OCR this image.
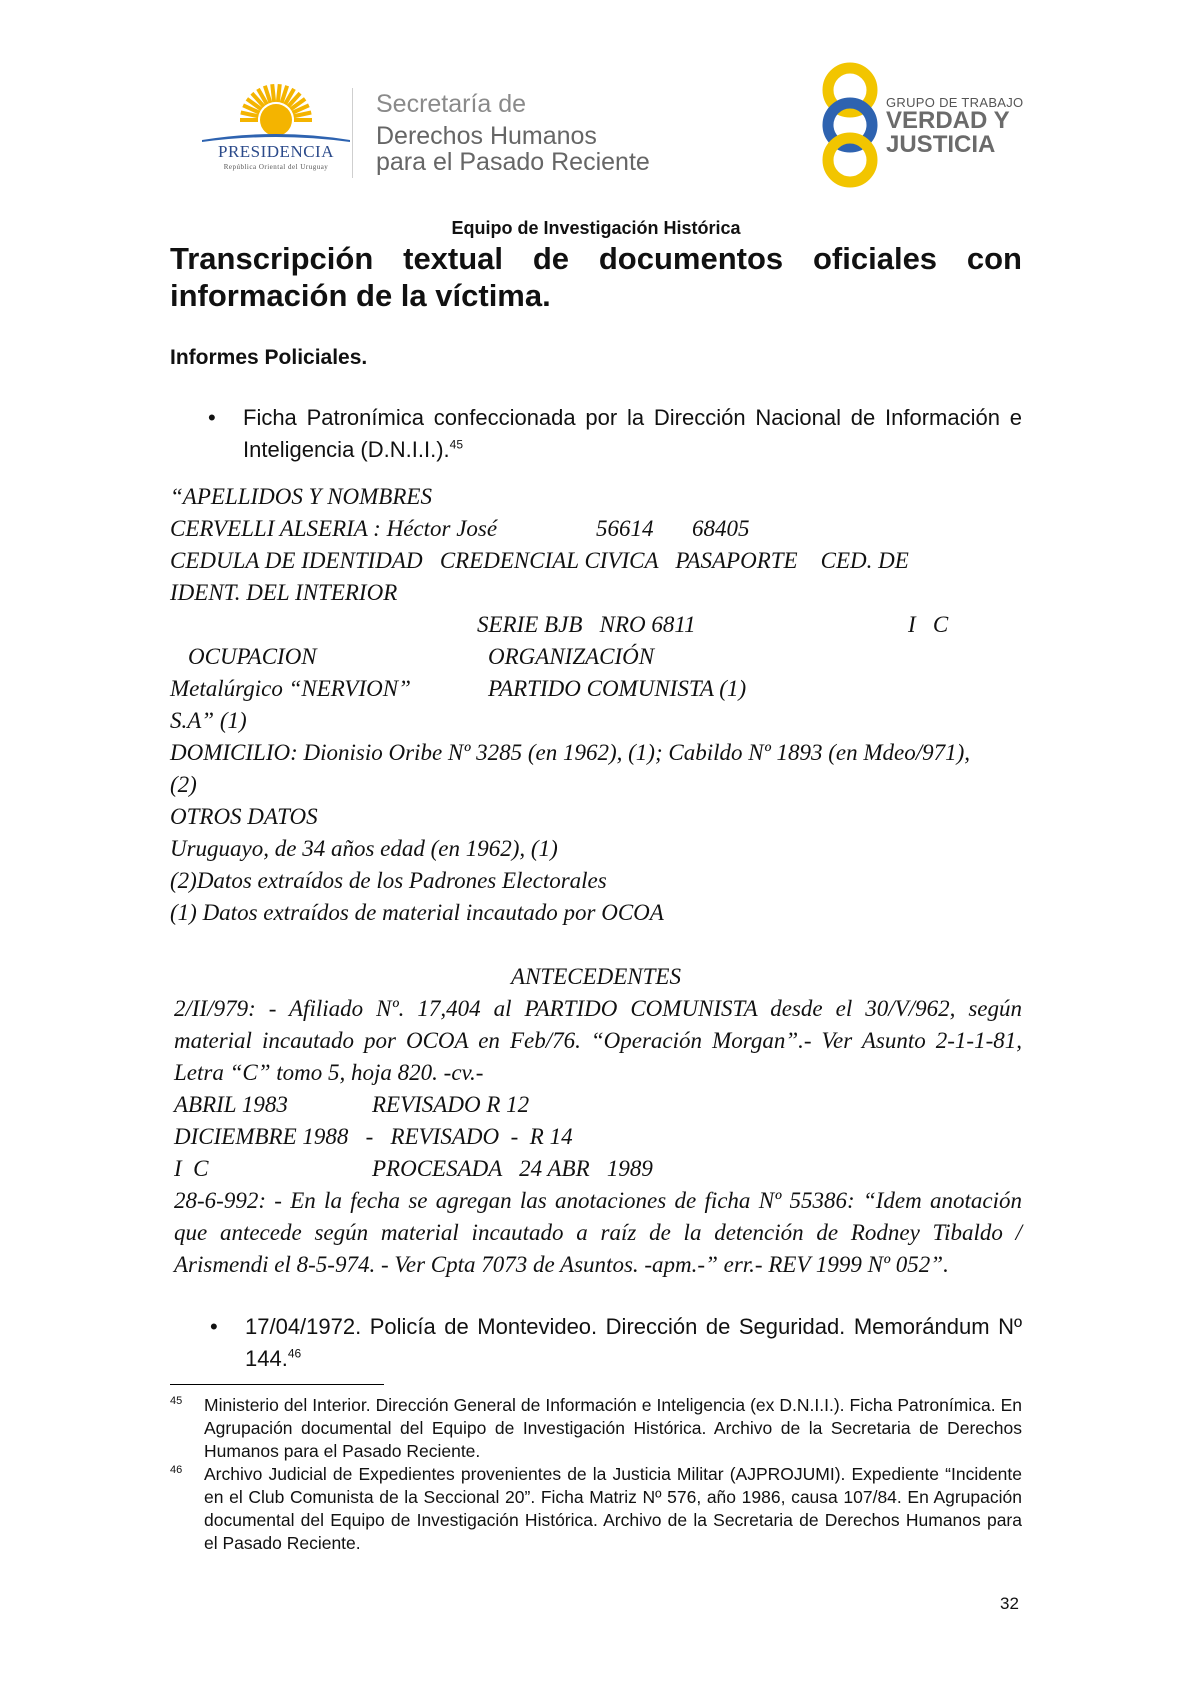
PRESIDENCIA
República Oriental del Uruguay
Secretaría de
Derechos Humanos
para el Pasado Reciente
GRUPO DE TRABAJO
VERDAD Y
JUSTICIA
Equipo de Investigación Histórica
Transcripción textual de documentos oficiales con información de la víctima.
Informes Policiales.
• Ficha Patronímica confeccionada por la Dirección Nacional de Información e Inteligencia (D.N.I.I.).$^{45}$
“APELLIDOS Y NOMBRES
CERVELLI ALSERIA : Héctor José	56614 68405
CEDULA DE IDENTIDAD   CREDENCIAL CIVICA   PASAPORTE    CED. DE
IDENT. DEL INTERIOR
SERIE BJB   NRO 6811	I   C
OCUPACION	ORGANIZACIÓN
Metalúrgico “NERVION”	PARTIDO COMUNISTA (1)
S.A” (1)
DOMICILIO: Dionisio Oribe Nº 3285 (en 1962), (1); Cabildo Nº 1893 (en Mdeo/971),
(2)
OTROS DATOS
Uruguayo, de 34 años edad (en 1962), (1)
(2)Datos extraídos de los Padrones Electorales
(1) Datos extraídos de material incautado por OCOA
ANTECEDENTES
2/II/979: - Afiliado Nº. 17,404 al PARTIDO COMUNISTA desde el 30/V/962, según material incautado por OCOA en Feb/76. “Operación Morgan”.- Ver Asunto 2-1-1-81, Letra “C” tomo 5, hoja 820. -cv.-
ABRIL 1983	REVISADO R 12
DICIEMBRE 1988   -   REVISADO  -  R 14
I  C	PROCESADA   24 ABR   1989
28-6-992: - En la fecha se agregan las anotaciones de ficha Nº 55386: “Idem anotación que antecede según material incautado a raíz de la detención de Rodney Tibaldo / Arismendi el 8-5-974. - Ver Cpta 7073 de Asuntos. -apm.-” err.- REV 1999 Nº 052”.
• 17/04/1972. Policía de Montevideo. Dirección de Seguridad. Memorándum Nº 144.46
45 Ministerio del Interior. Dirección General de Información e Inteligencia (ex D.N.I.I.). Ficha Patronímica. En Agrupación documental del Equipo de Investigación Histórica. Archivo de la Secretaria de Derechos Humanos para el Pasado Reciente.
46 Archivo Judicial de Expedientes provenientes de la Justicia Militar (AJPROJUMI). Expediente “Incidente en el Club Comunista de la Seccional 20”. Ficha Matriz Nº 576, año 1986, causa 107/84. En Agrupación documental del Equipo de Investigación Histórica. Archivo de la Secretaria de Derechos Humanos para el Pasado Reciente.
32
